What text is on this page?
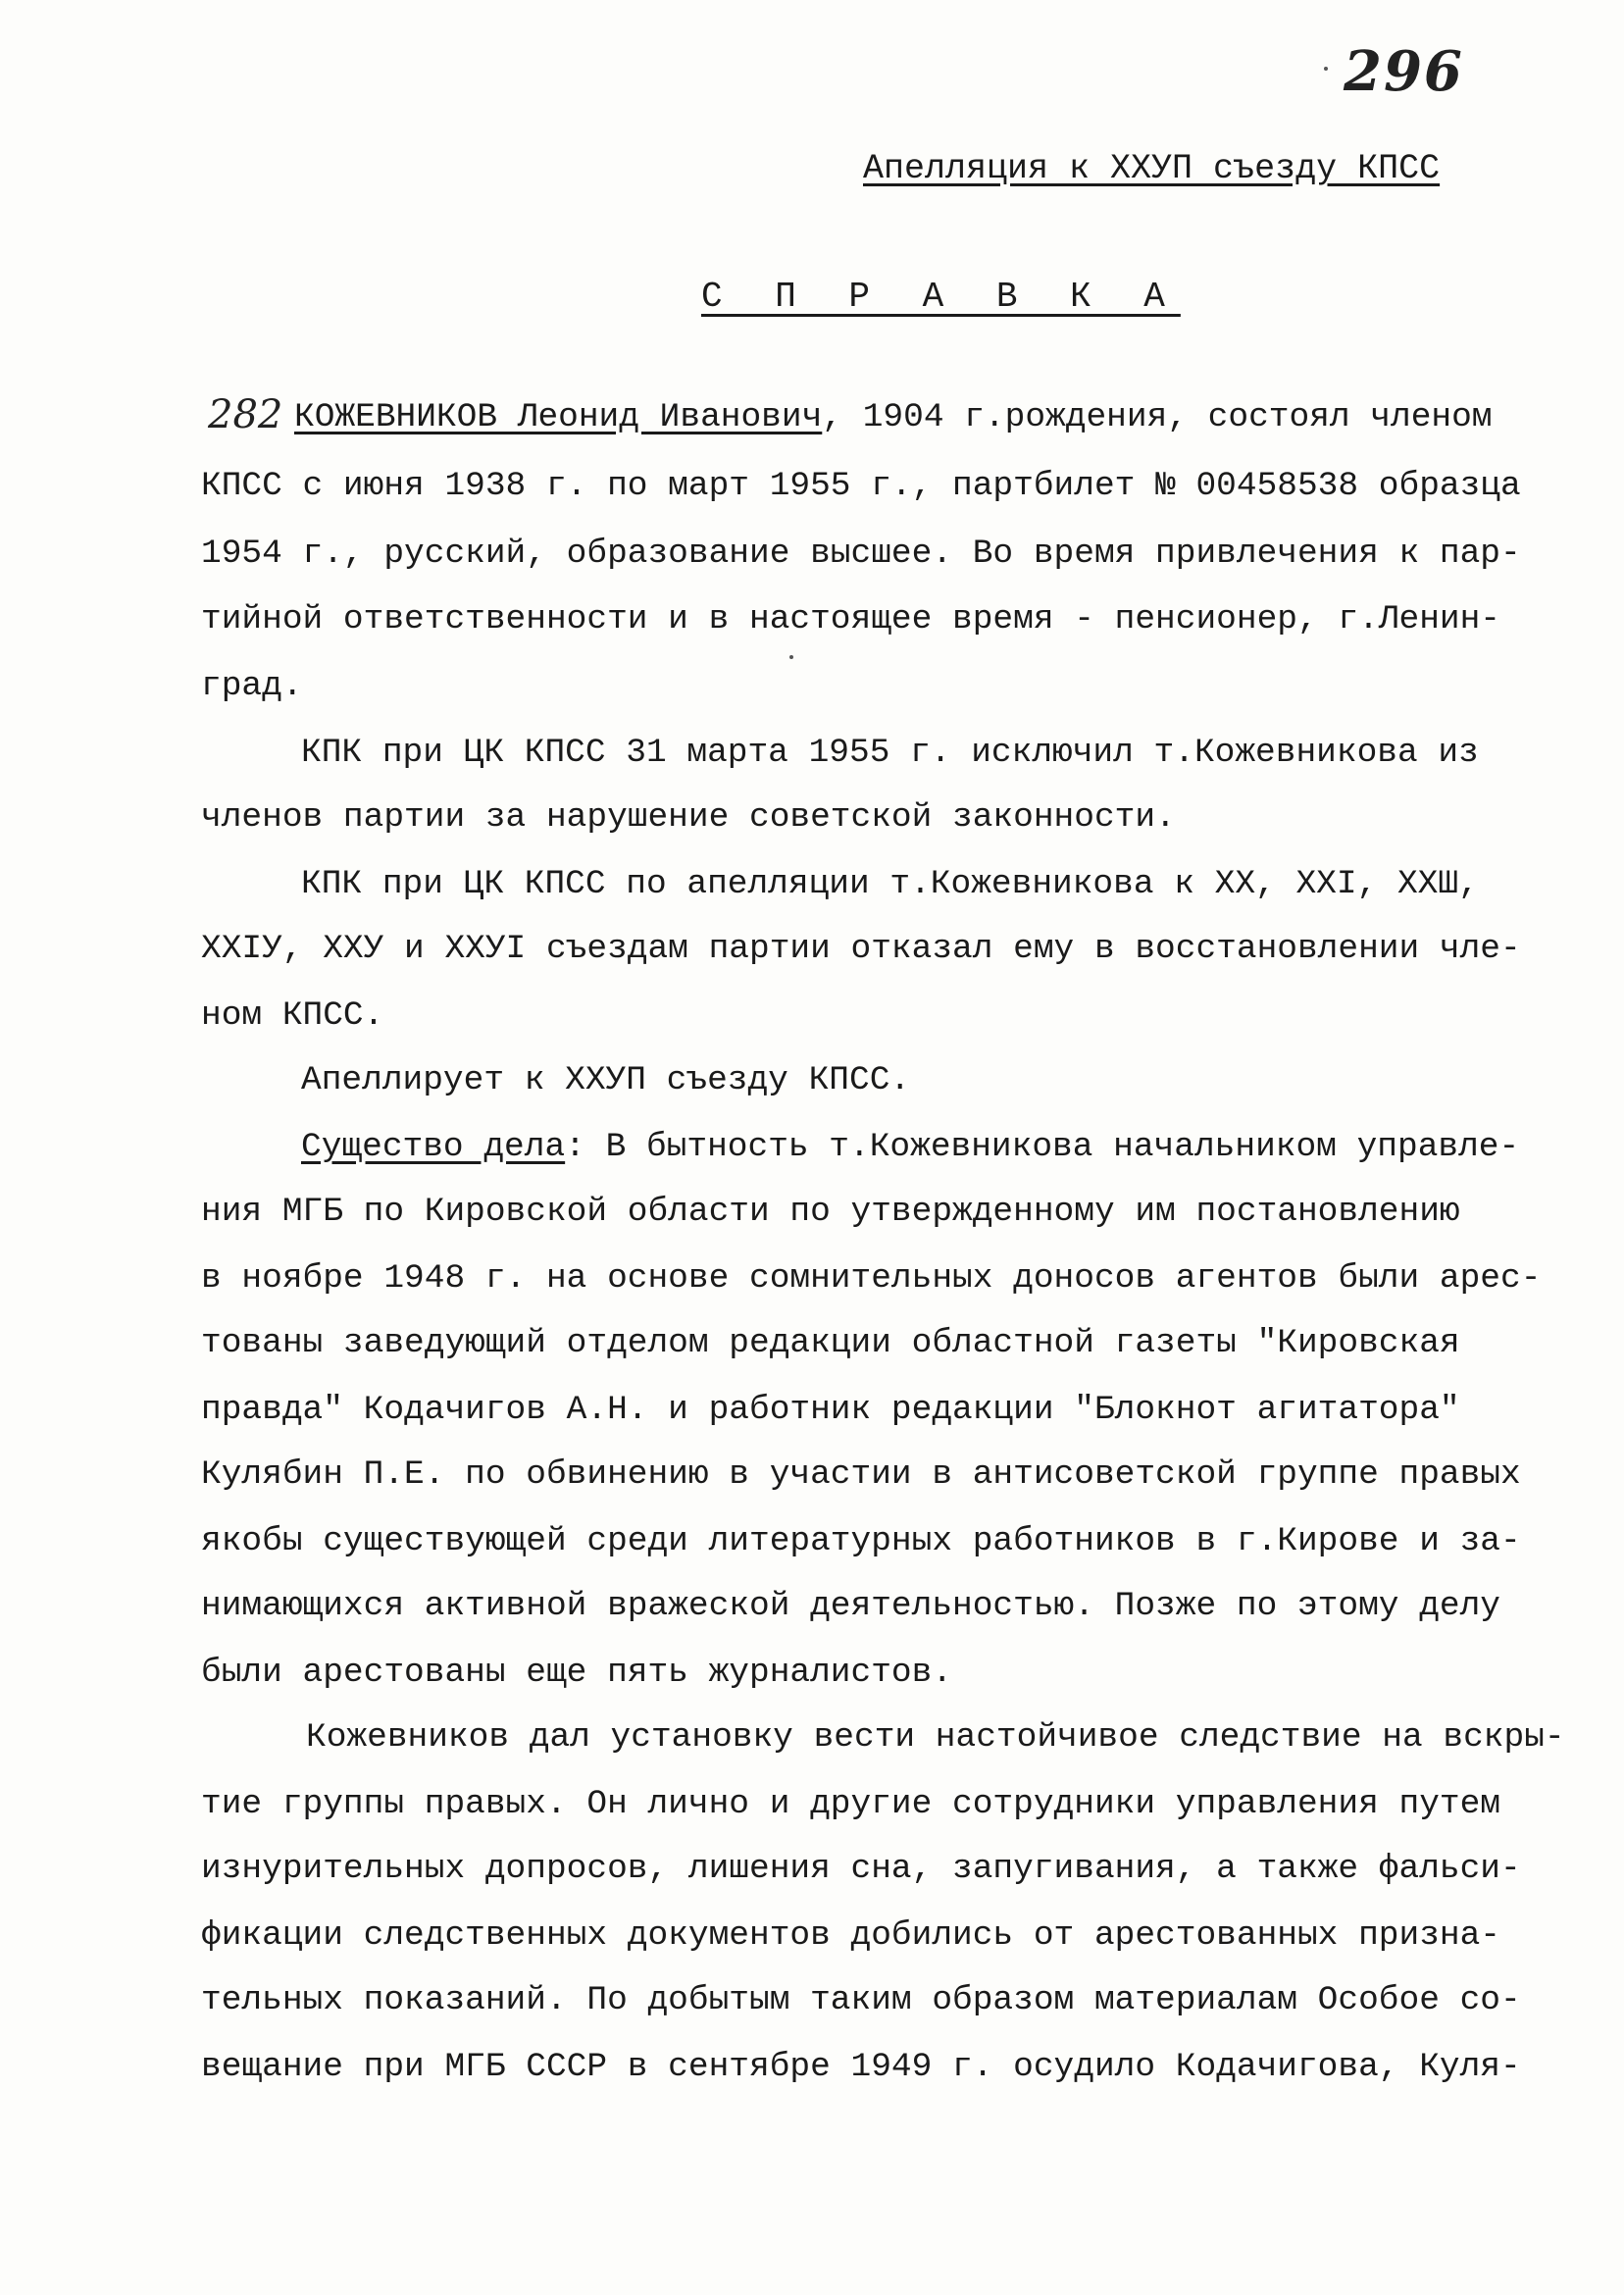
296
Апелляция к ХХУП съезду КПСС
С П Р А В К А
282 КОЖЕВНИКОВ Леонид Иванович, 1904 г.рождения, состоял членом
КПСС с июня 1938 г. по март 1955 г., партбилет № 00458538 образца
1954 г., русский, образование высшее. Во время привлечения к пар-
тийной ответственности и в настоящее время - пенсионер, г.Ленин-
град.
КПК при ЦК КПСС 31 марта 1955 г. исключил т.Кожевникова из
членов партии за нарушение советской законности.
КПК при ЦК КПСС по апелляции т.Кожевникова к XX, XXI, ХХШ,
XXIУ, ХХУ и ХХУI съездам партии отказал ему в восстановлении чле-
ном КПСС.
Апеллирует к ХХУП съезду КПСС.
Существо дела: В бытность т.Кожевникова начальником управле-
ния МГБ по Кировской области по утвержденному им постановлению
в ноябре 1948 г. на основе сомнительных доносов агентов были арес-
тованы заведующий отделом редакции областной газеты "Кировская
правда" Кодачигов А.Н. и работник редакции "Блокнот агитатора"
Кулябин П.Е. по обвинению в участии в антисоветской группе правых
якобы существующей среди литературных работников в г.Кирове и за-
нимающихся активной вражеской деятельностью. Позже по этому делу
были арестованы еще пять журналистов.
Кожевников дал установку вести настойчивое следствие на вскры-
тие группы правых. Он лично и другие сотрудники управления путем
изнурительных допросов, лишения сна, запугивания, а также фальси-
фикации следственных документов добились от арестованных призна-
тельных показаний. По добытым таким образом материалам Особое со-
вещание при МГБ СССР в сентябре 1949 г. осудило Кодачигова, Куля-
